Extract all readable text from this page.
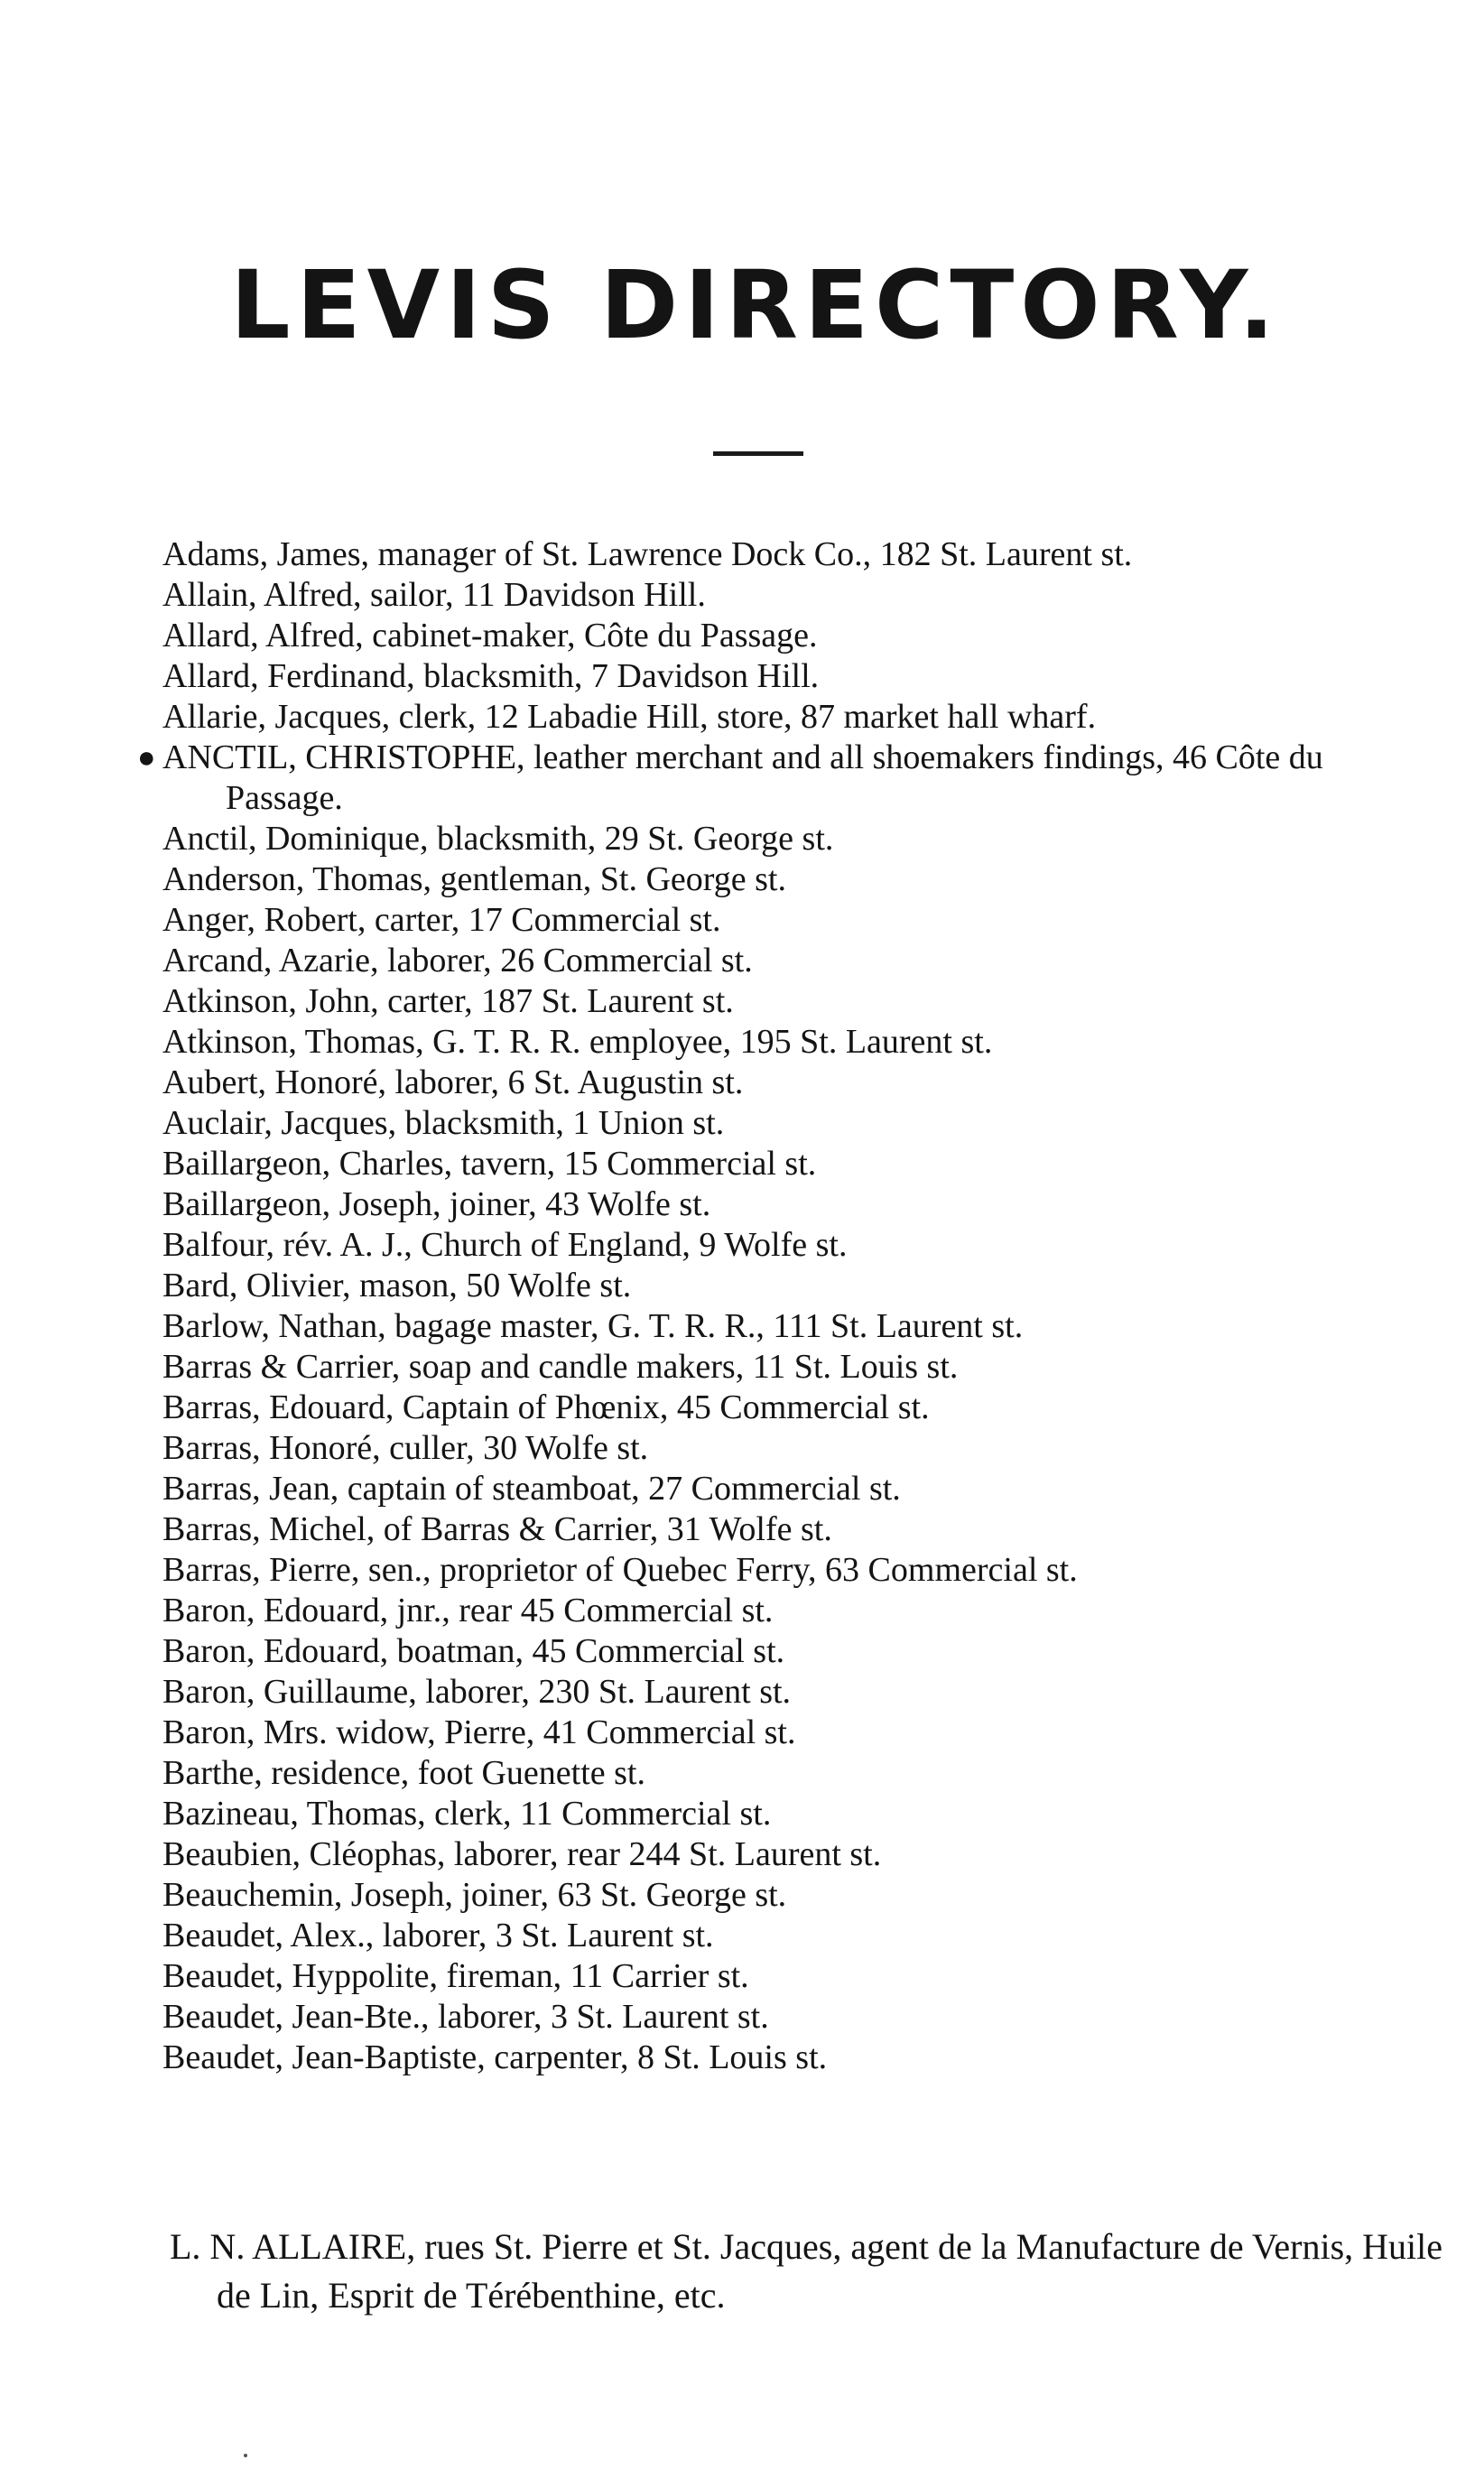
LEVIS DIRECTORY.
Adams, James, manager of St. Lawrence Dock Co., 182 St. Laurent st.
Allain, Alfred, sailor, 11 Davidson Hill.
Allard, Alfred, cabinet-maker, Côte du Passage.
Allard, Ferdinand, blacksmith, 7 Davidson Hill.
Allarie, Jacques, clerk, 12 Labadie Hill, store, 87 market hall wharf.
● ANCTIL, CHRISTOPHE, leather merchant and all shoemakers findings, 46 Côte du Passage.
Anctil, Dominique, blacksmith, 29 St. George st.
Anderson, Thomas, gentleman, St. George st.
Anger, Robert, carter, 17 Commercial st.
Arcand, Azarie, laborer, 26 Commercial st.
Atkinson, John, carter, 187 St. Laurent st.
Atkinson, Thomas, G. T. R. R. employee, 195 St. Laurent st.
Aubert, Honoré, laborer, 6 St. Augustin st.
Auclair, Jacques, blacksmith, 1 Union st.
Baillargeon, Charles, tavern, 15 Commercial st.
Baillargeon, Joseph, joiner, 43 Wolfe st.
Balfour, rév. A. J., Church of England, 9 Wolfe st.
Bard, Olivier, mason, 50 Wolfe st.
Barlow, Nathan, bagage master, G. T. R. R., 111 St. Laurent st.
Barras & Carrier, soap and candle makers, 11 St. Louis st.
Barras, Edouard, Captain of Phœnix, 45 Commercial st.
Barras, Honoré, culler, 30 Wolfe st.
Barras, Jean, captain of steamboat, 27 Commercial st.
Barras, Michel, of Barras & Carrier, 31 Wolfe st.
Barras, Pierre, sen., proprietor of Quebec Ferry, 63 Commercial st.
Baron, Edouard, jnr., rear 45 Commercial st.
Baron, Edouard, boatman, 45 Commercial st.
Baron, Guillaume, laborer, 230 St. Laurent st.
Baron, Mrs. widow, Pierre, 41 Commercial st.
Barthe, residence, foot Guenette st.
Bazineau, Thomas, clerk, 11 Commercial st.
Beaubien, Cléophas, laborer, rear 244 St. Laurent st.
Beauchemin, Joseph, joiner, 63 St. George st.
Beaudet, Alex., laborer, 3 St. Laurent st.
Beaudet, Hyppolite, fireman, 11 Carrier st.
Beaudet, Jean-Bte., laborer, 3 St. Laurent st.
Beaudet, Jean-Baptiste, carpenter, 8 St. Louis st.

L. N. ALLAIRE, rues St. Pierre et St. Jacques, agent de la Manufacture de Vernis, Huile de Lin, Esprit de Térébenthine, etc.
